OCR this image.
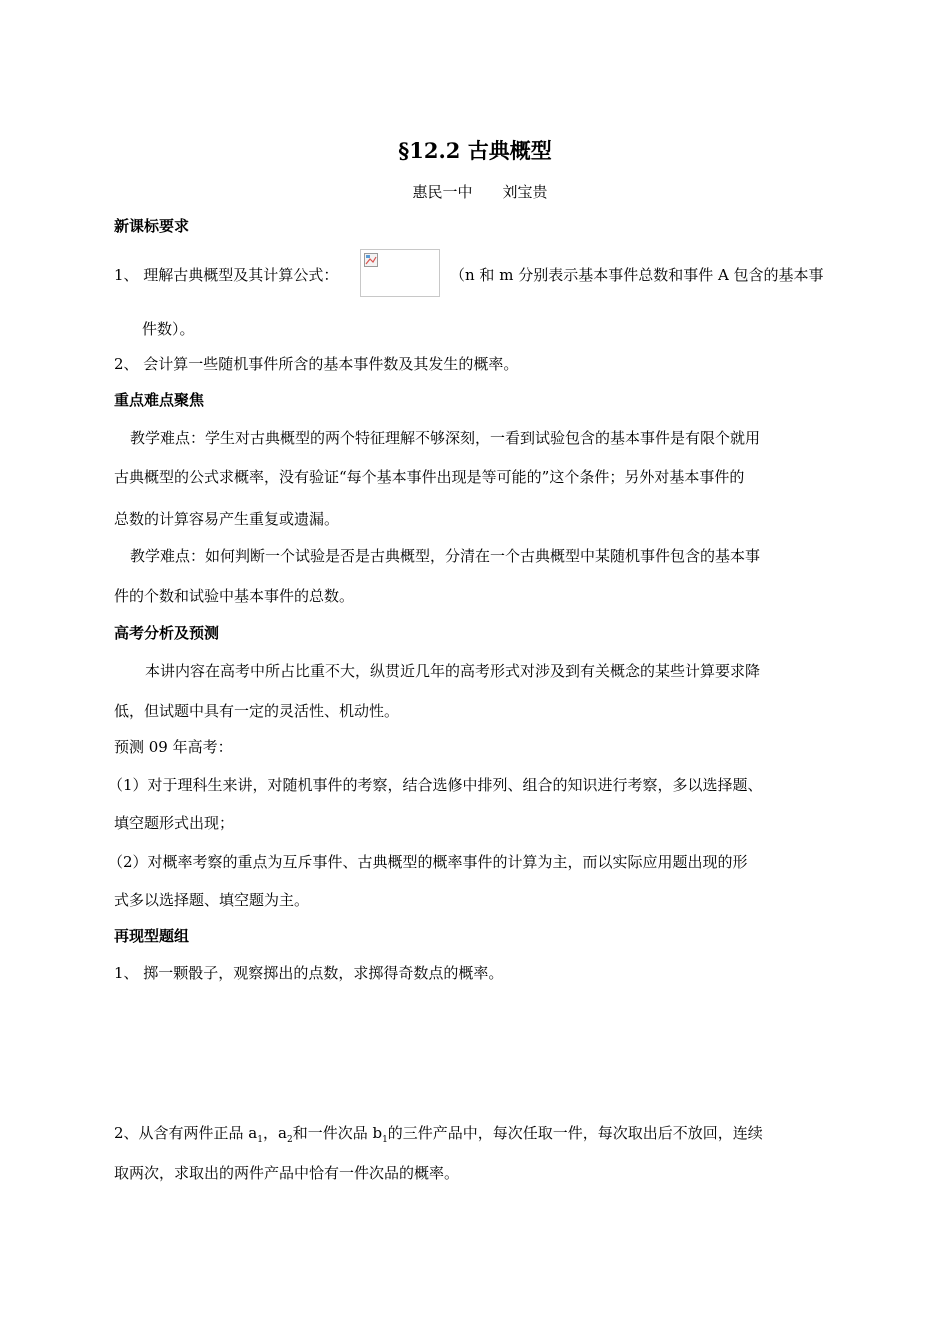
§12.2 古典概型
惠民一中 刘宝贵
新课标要求
1、 理解古典概型及其计算公式：	（n 和 m 分别表示基本事件总数和事件 A 包含的基本事
件数）。
2、 会计算一些随机事件所含的基本事件数及其发生的概率。
重点难点聚焦
教学难点：学生对古典概型的两个特征理解不够深刻，一看到试验包含的基本事件是有限个就用
古典概型的公式求概率，没有验证“每个基本事件出现是等可能的”这个条件；另外对基本事件的
总数的计算容易产生重复或遗漏。
教学难点：如何判断一个试验是否是古典概型，分清在一个古典概型中某随机事件包含的基本事
件的个数和试验中基本事件的总数。
高考分析及预测
本讲内容在高考中所占比重不大，纵贯近几年的高考形式对涉及到有关概念的某些计算要求降
低，但试题中具有一定的灵活性、机动性。
预测 09 年高考：
（1）对于理科生来讲，对随机事件的考察，结合选修中排列、组合的知识进行考察，多以选择题、
填空题形式出现；
（2）对概率考察的重点为互斥事件、古典概型的概率事件的计算为主，而以实际应用题出现的形
式多以选择题、填空题为主。
再现型题组
1、 掷一颗骰子，观察掷出的点数，求掷得奇数点的概率。
2、从含有两件正品 $a_1$，$a_2$和一件次品 $b_1$的三件产品中，每次任取一件，每次取出后不放回，连续
取两次，求取出的两件产品中恰有一件次品的概率。
